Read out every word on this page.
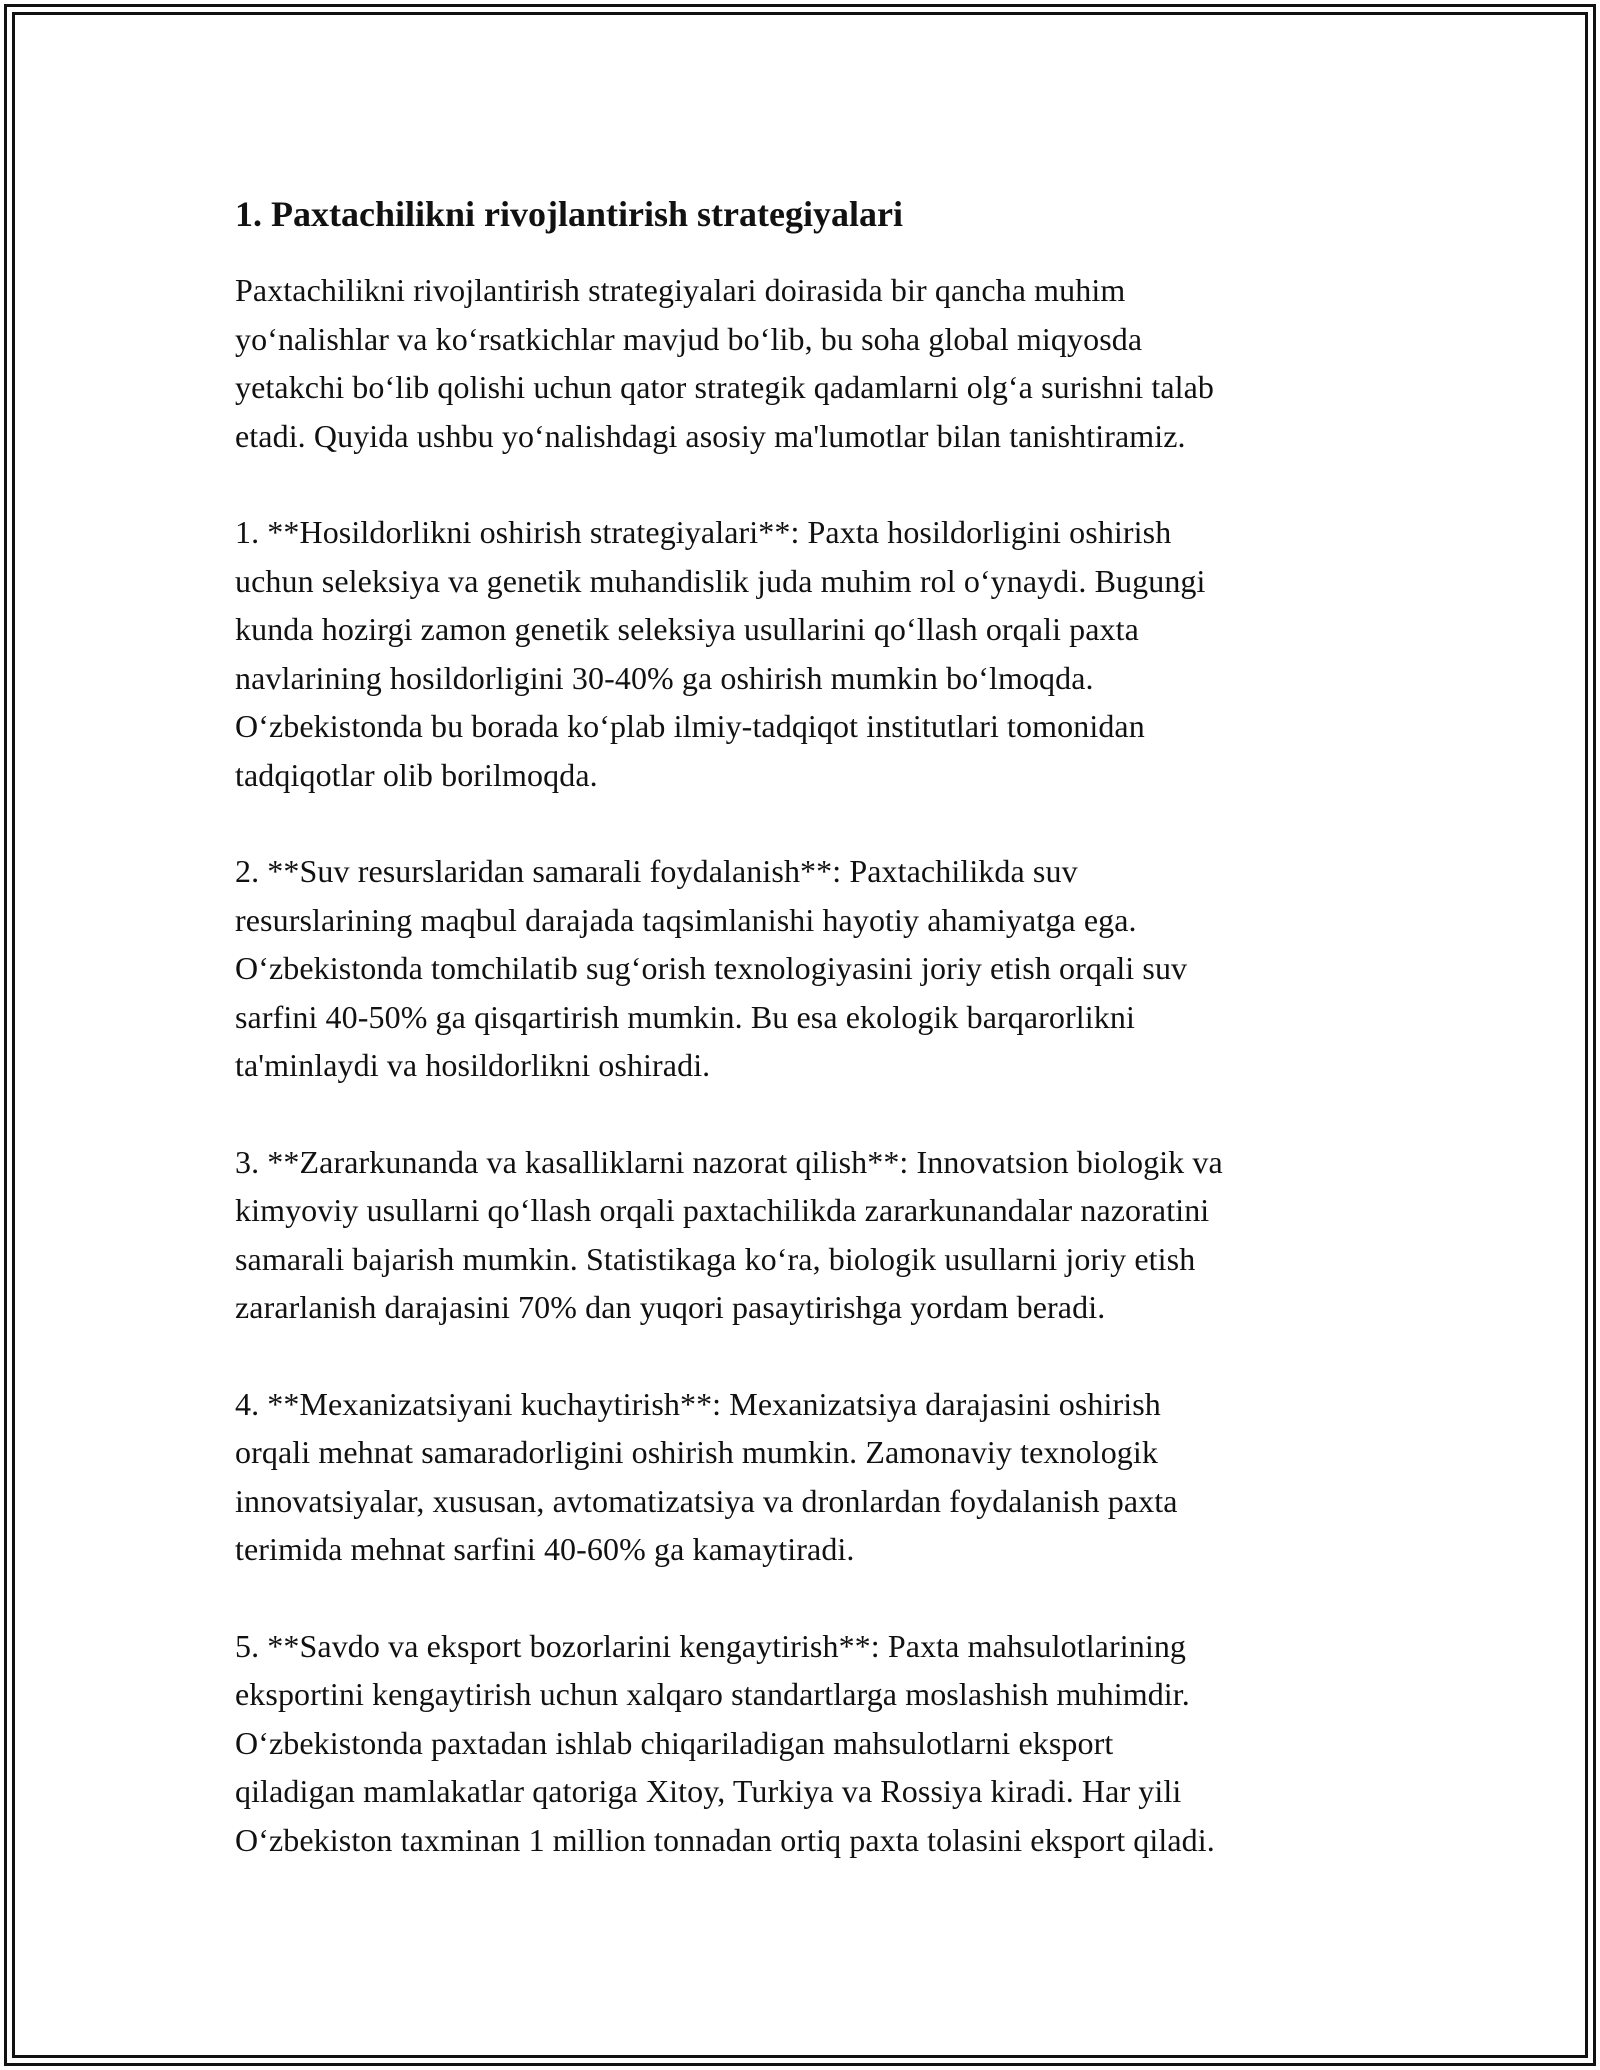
1. Paxtachilikni rivojlantirish strategiyalari

Paxtachilikni rivojlantirish strategiyalari doirasida bir qancha muhim
yo‘nalishlar va ko‘rsatkichlar mavjud bo‘lib, bu soha global miqyosda
yetakchi bo‘lib qolishi uchun qator strategik qadamlarni olg‘a surishni talab
etadi. Quyida ushbu yo‘nalishdagi asosiy ma'lumotlar bilan tanishtiramiz.

1. **Hosildorlikni oshirish strategiyalari**: Paxta hosildorligini oshirish
uchun seleksiya va genetik muhandislik juda muhim rol o‘ynaydi. Bugungi
kunda hozirgi zamon genetik seleksiya usullarini qo‘llash orqali paxta
navlarining hosildorligini 30-40% ga oshirish mumkin bo‘lmoqda.
O‘zbekistonda bu borada ko‘plab ilmiy-tadqiqot institutlari tomonidan
tadqiqotlar olib borilmoqda.

2. **Suv resurslaridan samarali foydalanish**: Paxtachilikda suv
resurslarining maqbul darajada taqsimlanishi hayotiy ahamiyatga ega.
O‘zbekistonda tomchilatib sug‘orish texnologiyasini joriy etish orqali suv
sarfini 40-50% ga qisqartirish mumkin. Bu esa ekologik barqarorlikni
ta'minlaydi va hosildorlikni oshiradi.

3. **Zararkunanda va kasalliklarni nazorat qilish**: Innovatsion biologik va
kimyoviy usullarni qo‘llash orqali paxtachilikda zararkunandalar nazoratini
samarali bajarish mumkin. Statistikaga ko‘ra, biologik usullarni joriy etish
zararlanish darajasini 70% dan yuqori pasaytirishga yordam beradi.

4. **Mexanizatsiyani kuchaytirish**: Mexanizatsiya darajasini oshirish
orqali mehnat samaradorligini oshirish mumkin. Zamonaviy texnologik
innovatsiyalar, xususan, avtomatizatsiya va dronlardan foydalanish paxta
terimida mehnat sarfini 40-60% ga kamaytiradi.

5. **Savdo va eksport bozorlarini kengaytirish**: Paxta mahsulotlarining
eksportini kengaytirish uchun xalqaro standartlarga moslashish muhimdir.
O‘zbekistonda paxtadan ishlab chiqariladigan mahsulotlarni eksport
qiladigan mamlakatlar qatoriga Xitoy, Turkiya va Rossiya kiradi. Har yili
O‘zbekiston taxminan 1 million tonnadan ortiq paxta tolasini eksport qiladi.
